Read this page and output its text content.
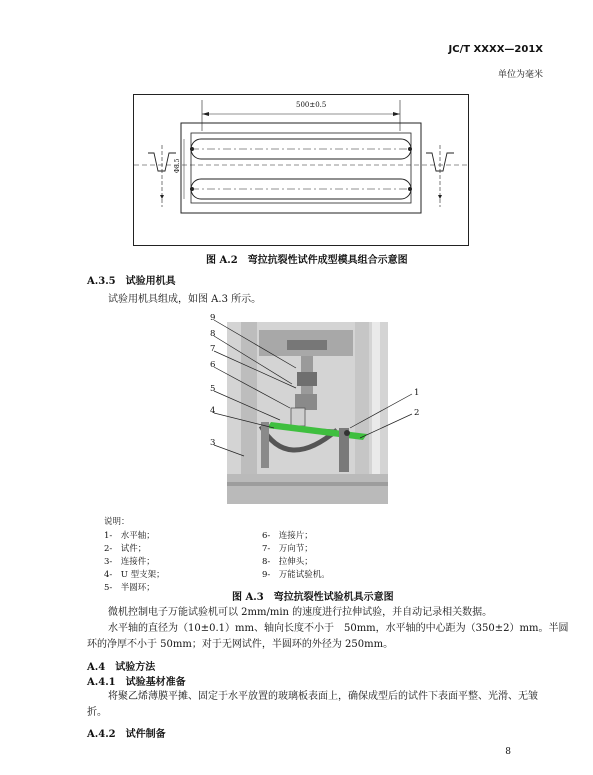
JC/T XXXX—201X
单位为毫米
500±0.5
Φ8.5
图 A.2　弯拉抗裂性试件成型模具组合示意图
A.3.5　试验用机具
试验用机具组成，如图 A.3 所示。
9
8
7
6
5
4
3
1
2
说明：
1-　水平轴；	6-　连接片；
2-　试件；	7-　万向节；
3-　连接件；	8-　拉伸头；
4-　U 型支架；	9-　万能试验机。
5-　半圆环；
图 A.3　弯拉抗裂性试验机具示意图
微机控制电子万能试验机可以 2mm/min 的速度进行拉伸试验，并自动记录相关数据。
水平轴的直径为（10±0.1）mm、轴向长度不小于　50mm，水平轴的中心距为（350±2）mm。半圆
环的净厚不小于 50mm；对于无网试件，半圆环的外径为 250mm。
A.4　试验方法
A.4.1　试验基材准备
将聚乙烯薄膜平摊、固定于水平放置的玻璃板表面上，确保成型后的试件下表面平整、光滑、无皱
折。
A.4.2　试件制备
8
